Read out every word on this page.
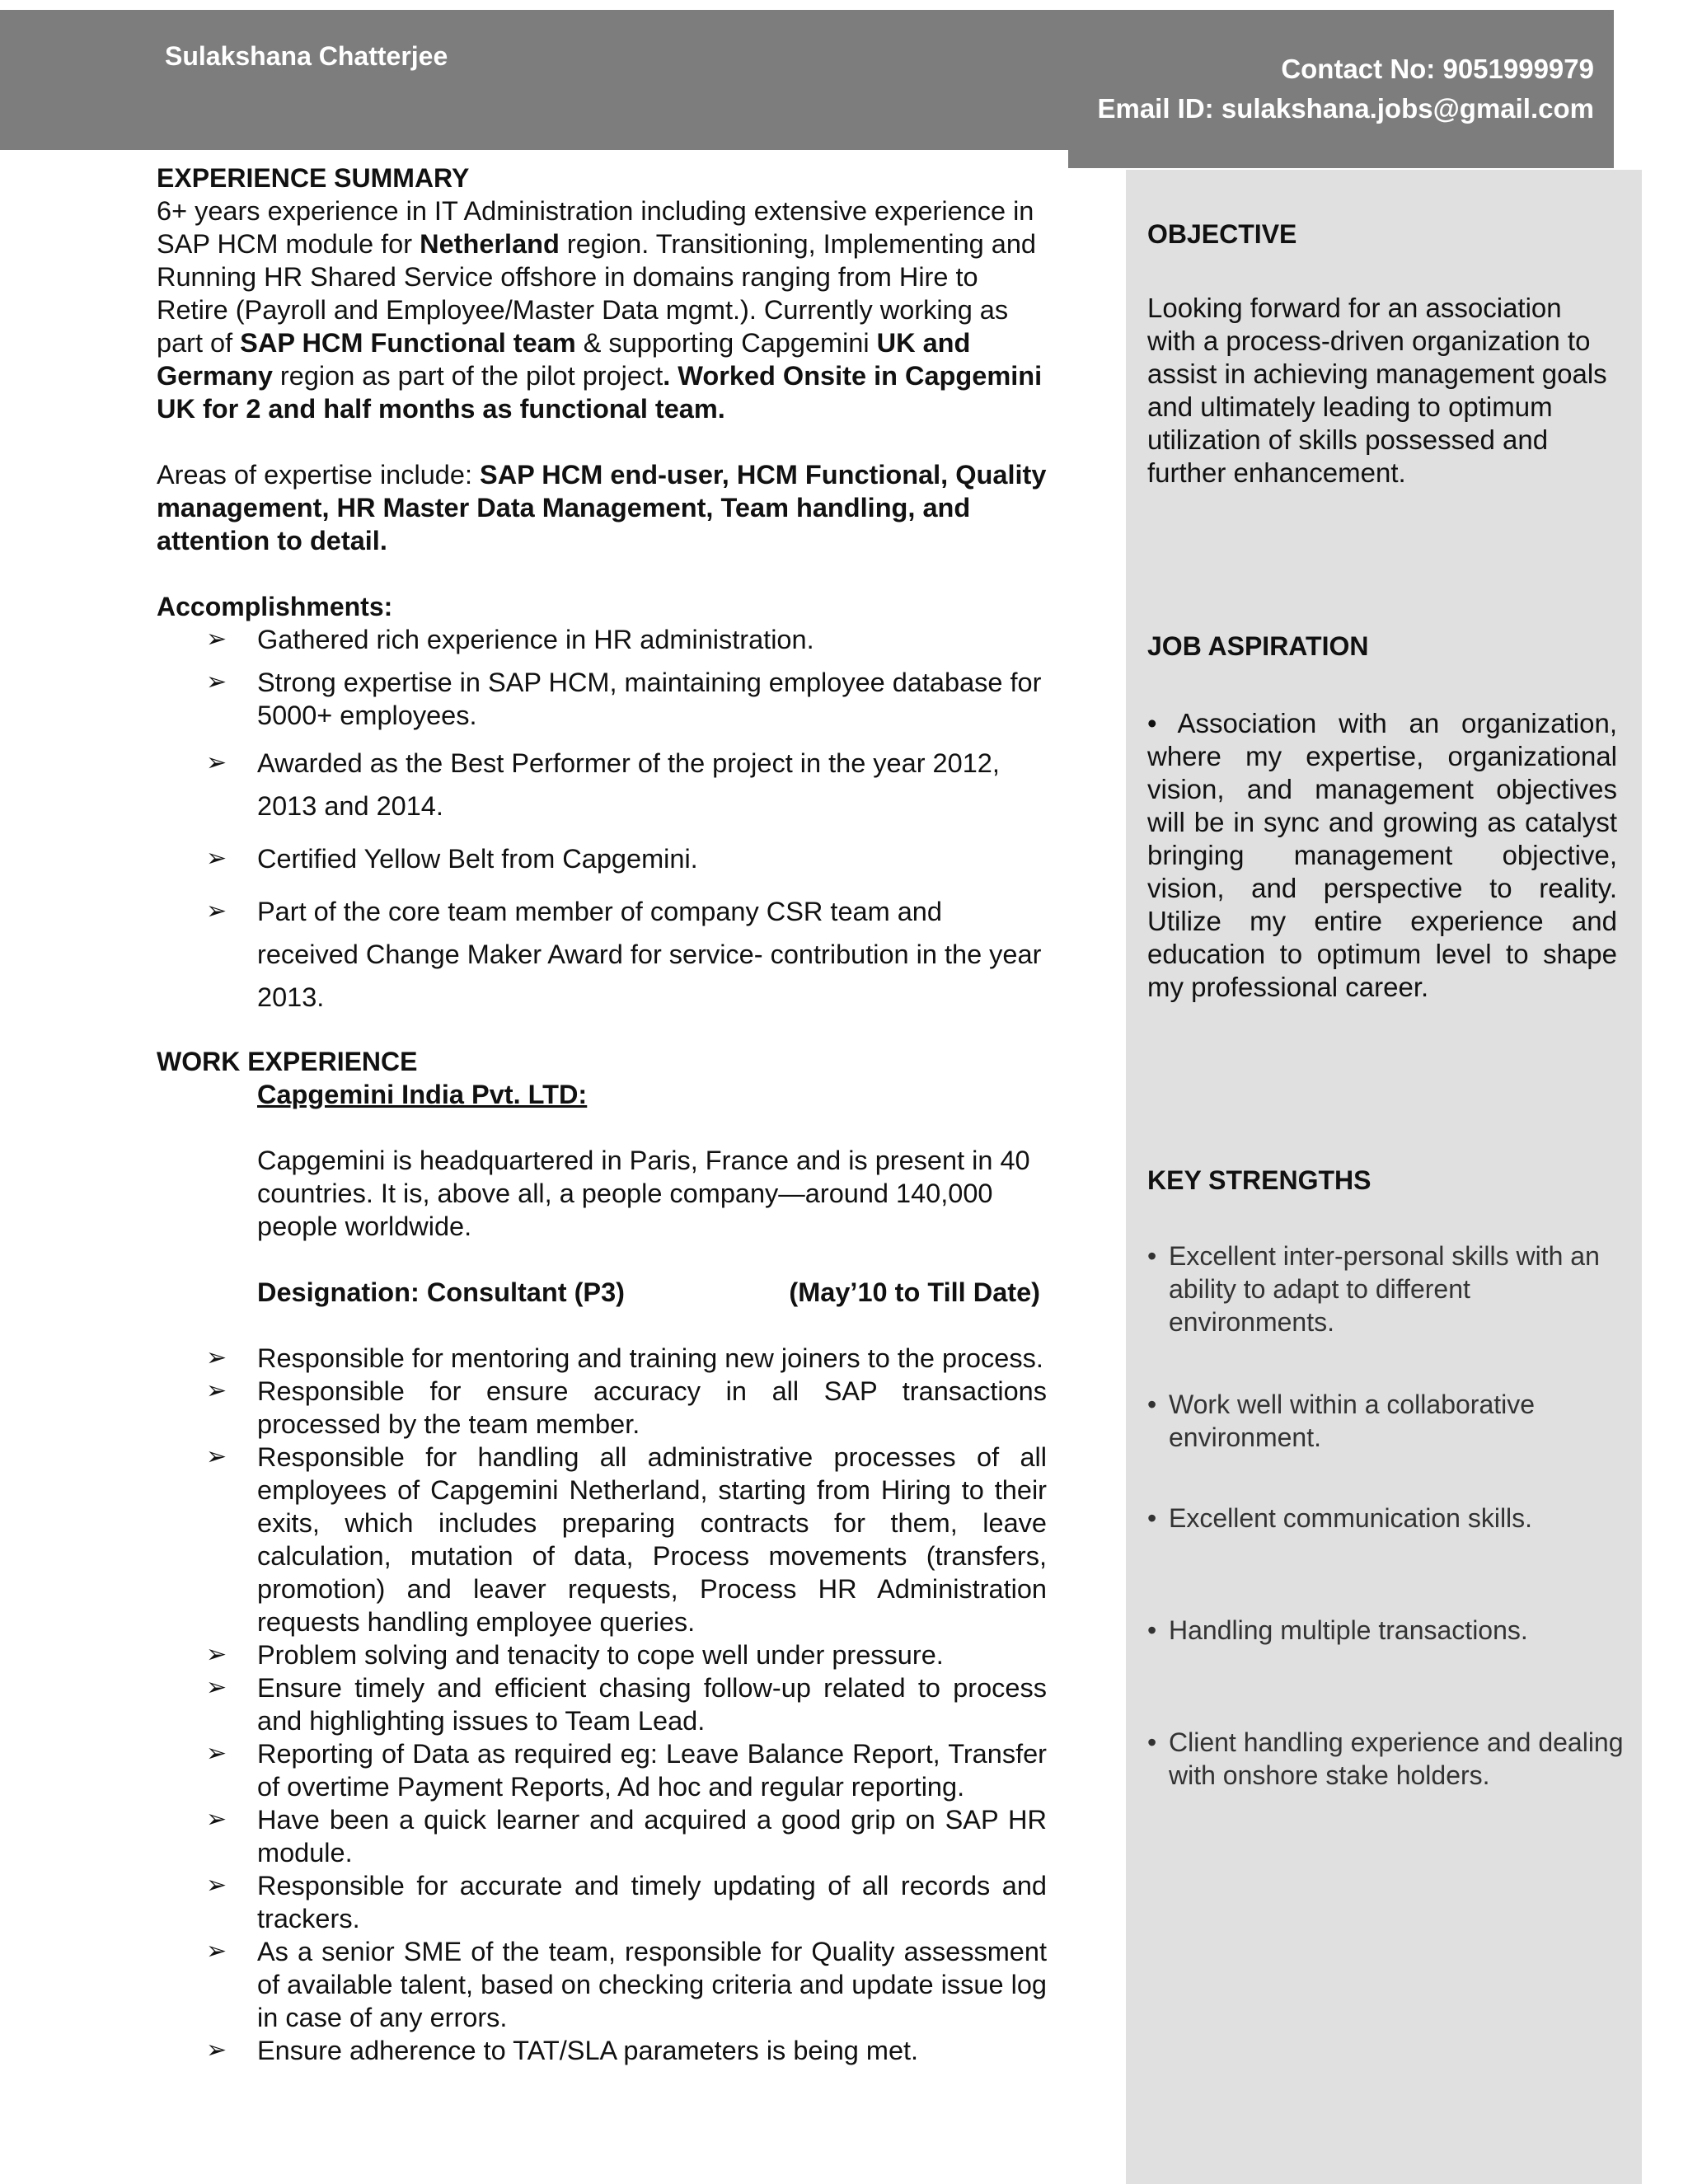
Sulakshana Chatterjee	Contact No: 9051999979
Email ID: sulakshana.jobs@gmail.com
OBJECTIVE
Looking forward for an association with a process-driven organization to assist in achieving management goals and ultimately leading to optimum utilization of skills possessed and further enhancement.
JOB ASPIRATION
• Association with an organization, where my expertise, organizational vision, and management objectives will be in sync and growing as catalyst bringing management objective, vision, and perspective to reality. Utilize my entire experience and education to optimum level to shape my professional career.
KEY STRENGTHS
• Excellent inter-personal skills with an ability to adapt to different environments.
• Work well within a collaborative environment.
• Excellent communication skills.
• Handling multiple transactions.
• Client handling experience and dealing with onshore stake holders.
EXPERIENCE SUMMARY

6+ years experience in IT Administration including extensive experience in SAP HCM module for Netherland region. Transitioning, Implementing and Running HR Shared Service offshore in domains ranging from Hire to Retire (Payroll and Employee/Master Data mgmt.). Currently working as part of SAP HCM Functional team & supporting Capgemini UK and Germany region as part of the pilot project. Worked Onsite in Capgemini UK for 2 and half months as functional team.

Areas of expertise include: SAP HCM end-user, HCM Functional, Quality management, HR Master Data Management, Team handling, and attention to detail.

Accomplishments:
➢ Gathered rich experience in HR administration.
➢ Strong expertise in SAP HCM, maintaining employee database for 5000+ employees.
➢ Awarded as the Best Performer of the project in the year 2012, 2013 and 2014.
➢ Certified Yellow Belt from Capgemini.
➢ Part of the core team member of company CSR team and received Change Maker Award for service- contribution in the year 2013.
WORK EXPERIENCE
Capgemini India Pvt. LTD:
Capgemini is headquartered in Paris, France and is present in 40 countries. It is, above all, a people company—around 140,000 people worldwide.
Designation: Consultant (P3)	(May’10 to Till Date)
➢ Responsible for mentoring and training new joiners to the process.
➢ Responsible for ensure accuracy in all SAP transactions processed by the team member.
➢ Responsible for handling all administrative processes of all employees of Capgemini Netherland, starting from Hiring to their exits, which includes preparing contracts for them, leave calculation, mutation of data, Process movements (transfers, promotion) and leaver requests, Process HR Administration requests handling employee queries.
➢ Problem solving and tenacity to cope well under pressure.
➢ Ensure timely and efficient chasing follow-up related to process and highlighting issues to Team Lead.
➢ Reporting of Data as required eg: Leave Balance Report, Transfer of overtime Payment Reports, Ad hoc and regular reporting.
➢ Have been a quick learner and acquired a good grip on SAP HR module.
➢ Responsible for accurate and timely updating of all records and trackers.
➢ As a senior SME of the team, responsible for Quality assessment of available talent, based on checking criteria and update issue log in case of any errors.
➢ Ensure adherence to TAT/SLA parameters is being met.
